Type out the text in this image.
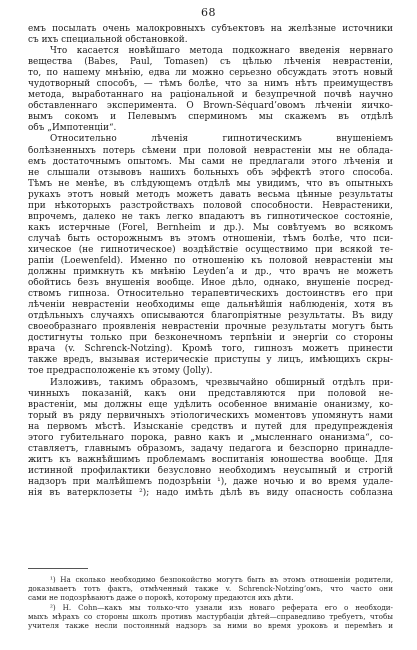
68
емъ посылать очень малокровныхъ субъектовъ на желѣзные источники
съ ихъ специальной обстановкой.
Что касается новѣйшаго метода подкожнаго введенія нервнаго
вещества (Babes, Paul, Tomasen) съ цѣлью лѣченія неврастеніи,
то, по нашему мнѣнію, едва ли можно серьезно обсуждать этотъ новый
чудотворный способъ, — тѣмъ болѣе, что за нимъ нѣтъ преимуществъ
метода, выработаннаго на раціональной и безупречной почвѣ научно
обставленнаго эксперимента. О Brown-Séquard’овомъ лѣченіи яичко-
вымъ сокомъ и Пелевымъ сперминомъ мы скажемъ въ отдѣлѣ
объ „Импотенціи“.
Относительно лѣченія гипнотическимъ внушеніемъ
болѣзненныхъ потерь сѣмени при половой неврастеніи мы не облада-
емъ достаточнымъ опытомъ. Мы сами не предлагали этого лѣченія и
не слышали отзывовъ нашихъ больныхъ объ эффектѣ этого способа.
Тѣмъ не менѣе, въ слѣдующемъ отдѣлѣ мы увидимъ, что въ опытныхъ
рукахъ этотъ новый методъ можетъ давать весьма цѣнные результаты
при нѣкоторыхъ разстройствахъ половой способности. Неврастеники,
впрочемъ, далеко не такъ легко впадаютъ въ гипнотическое состояніе,
какъ истерчные (Forel, Bernheim и др.). Мы совѣтуемъ во всякомъ
случаѣ быть осторожнымъ въ этомъ отношеніи, тѣмъ болѣе, что пси-
хическое (не гипнотическое) воздѣйствіе осуществимо при всякой те-
рапіи (Loewenfeld). Именно по отношенію къ половой неврастеніи мы
должны примкнуть къ мнѣнію Leyden’а и др., что врачъ не можетъ
обойтись безъ внушенія вообще. Иное дѣло, однако, внушеніе посред-
ствомъ гипноза. Относительно терапевтическихъ достоинствъ его при
лѣченіи неврастеніи необходимы еще дальнѣйшія наблюденія, хотя въ
отдѣльныхъ случаяхъ описываются благопріятные результаты. Въ виду
своеобразнаго проявленія неврастеніи прочные результаты могутъ быть
достигнуты только при безконечномъ терпѣніи и энергіи со стороны
врача (v. Schrenck-Notzing). Кромѣ того, гипнозъ можетъ принести
также вредъ, вызывая истерическіе приступы у лицъ, имѣющихъ скры-
тое предрасположеніе къ этому (Jolly).
Изложивъ, такимъ образомъ, чрезвычайно обширный отдѣлъ при-
чинныхъ показаній, какъ они представляются при половой не-
врастеніи, мы должны еще удѣлить особенное вниманіе онанизму, ко-
торый въ ряду первичныхъ этіологическихъ моментовъ упомянутъ нами
на первомъ мѣстѣ. Изысканіе средствъ и путей для предупрежденія
этого губительнаго порока, равно какъ и „мысленнаго онанизма“, со-
ставляетъ, главнымъ образомъ, задачу педагога и безспорно принадле-
житъ къ важнѣйшимъ проблемамъ воспитанія юношества вообще. Для
истинной профилактики безусловно необходимъ неусыпный и строгій
надзоръ при малѣйшемъ подозрѣніи ¹), даже ночью и во время удале-
нія въ ватерклозеты ²); надо имѣть дѣлѣ въ виду опасность соблазна
¹) На сколько необходимо безпокойство могутъ быть въ этомъ отношеніи родители,
доказываетъ тотъ фактъ, отмѣченный также v. Schrenck-Notzing’омъ, что часто они
сами не подозрѣваютъ даже о порокѣ, которому предаются ихъ дѣти.
²) Н. Cohn—какъ мы только-что узнали изъ новаго реферата его о необходи-
мыхъ мѣрахъ со стороны школъ противъ мастурбаціи дѣтей—справедливо требуетъ, чтобы
учителя также несли постоянный надзоръ за ними во время уроковъ и перемѣнъ и
